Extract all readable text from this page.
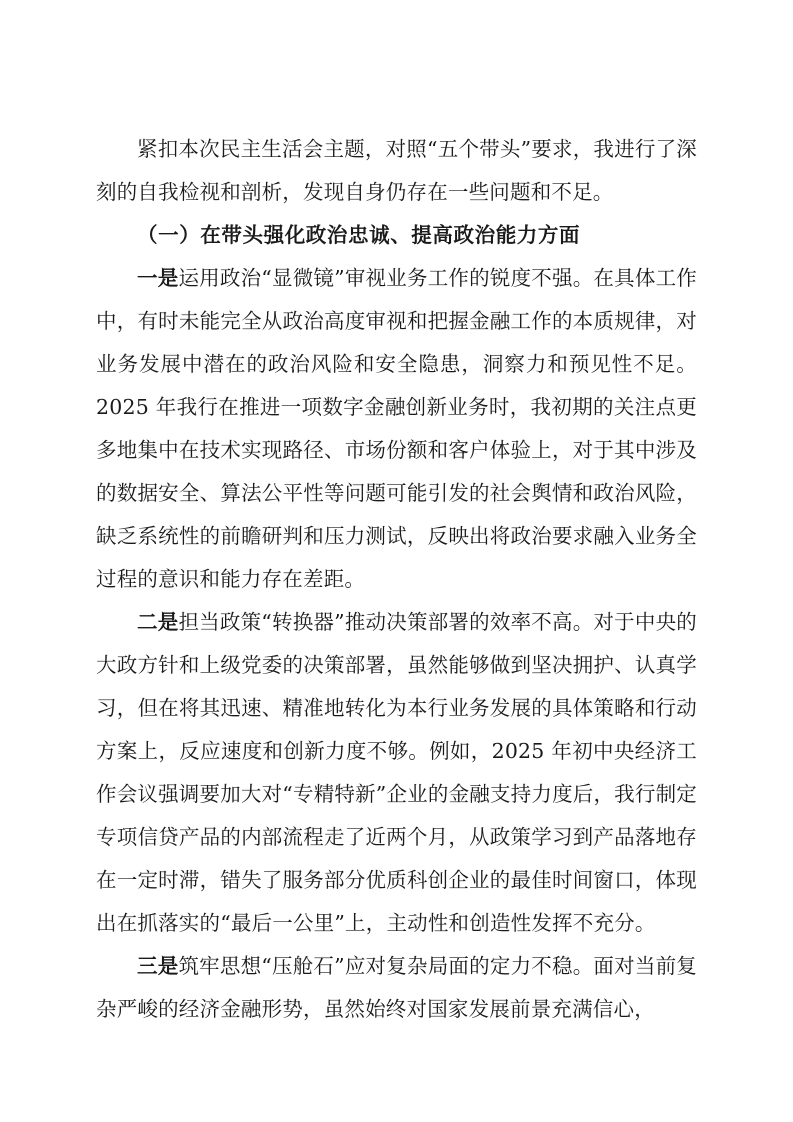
紧扣本次民主生活会主题，对照“五个带头”要求，我进行了深刻的自我检视和剖析，发现自身仍存在一些问题和不足。

（一）在带头强化政治忠诚、提高政治能力方面

一是运用政治“显微镜”审视业务工作的锐度不强。在具体工作中，有时未能完全从政治高度审视和把握金融工作的本质规律，对业务发展中潜在的政治风险和安全隐患，洞察力和预见性不足。2025 年我行在推进一项数字金融创新业务时，我初期的关注点更多地集中在技术实现路径、市场份额和客户体验上，对于其中涉及的数据安全、算法公平性等问题可能引发的社会舆情和政治风险，缺乏系统性的前瞻研判和压力测试，反映出将政治要求融入业务全过程的意识和能力存在差距。

二是担当政策“转换器”推动决策部署的效率不高。对于中央的大政方针和上级党委的决策部署，虽然能够做到坚决拥护、认真学习，但在将其迅速、精准地转化为本行业务发展的具体策略和行动方案上，反应速度和创新力度不够。例如，2025 年初中央经济工作会议强调要加大对“专精特新”企业的金融支持力度后，我行制定专项信贷产品的内部流程走了近两个月，从政策学习到产品落地存在一定时滞，错失了服务部分优质科创企业的最佳时间窗口，体现出在抓落实的“最后一公里”上，主动性和创造性发挥不充分。

三是筑牢思想“压舱石”应对复杂局面的定力不稳。面对当前复杂严峻的经济金融形势，虽然始终对国家发展前景充满信心，
